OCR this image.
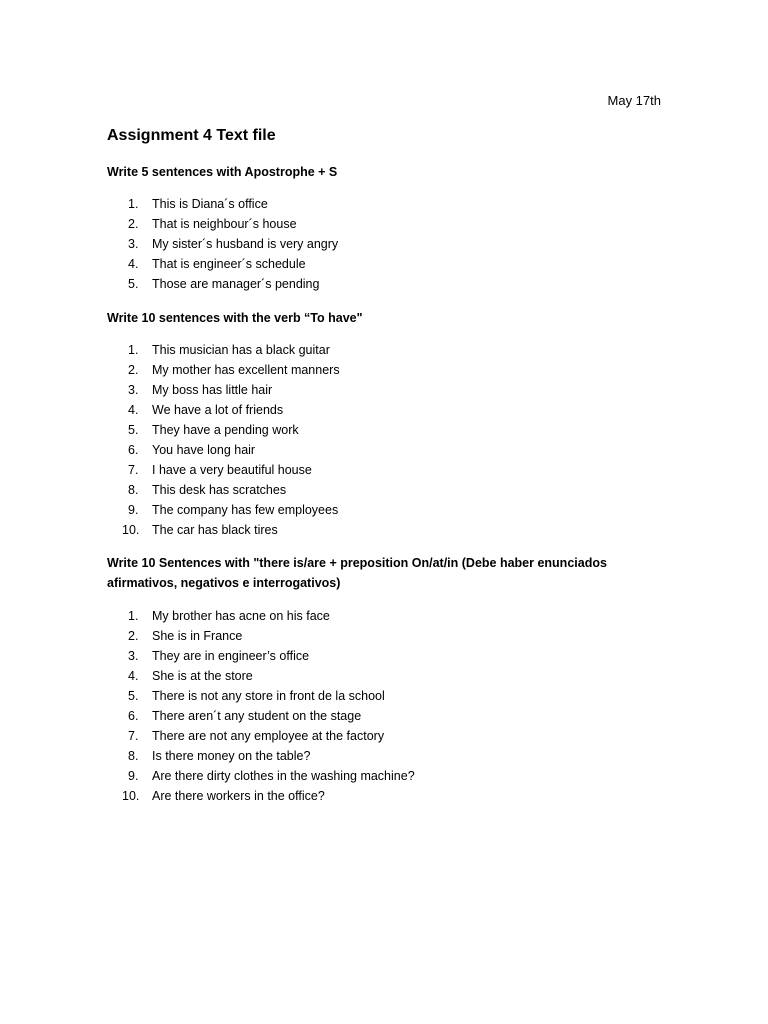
May 17th
Assignment 4 Text file

Write 5 sentences with Apostrophe + S

1.	This is Diana´s office
2.	That is neighbour´s house
3.	My sister´s husband is very angry
4.	That is engineer´s schedule
5.	Those are manager´s pending

Write 10 sentences with the verb “To have"

1.	This musician has a black guitar
2.	My mother has excellent manners
3.	My boss has little hair
4.	We have a lot of friends
5.	They have a pending work
6.	You have long hair
7.	I have a very beautiful house
8.	This desk has scratches
9.	The company has few employees
10.	The car has black tires

Write 10 Sentences with "there is/are + preposition On/at/in (Debe haber enunciados afirmativos, negativos e interrogativos)

1.	My brother has acne on his face
2.	She is in France
3.	They are in engineer’s office
4.	She is at the store
5.	There is not any store in front de la school
6.	There aren´t any student on the stage
7.	There are not any employee at the factory
8.	Is there money on the table?
9.	Are there dirty clothes in the washing machine?
10.	Are there workers in the office?
